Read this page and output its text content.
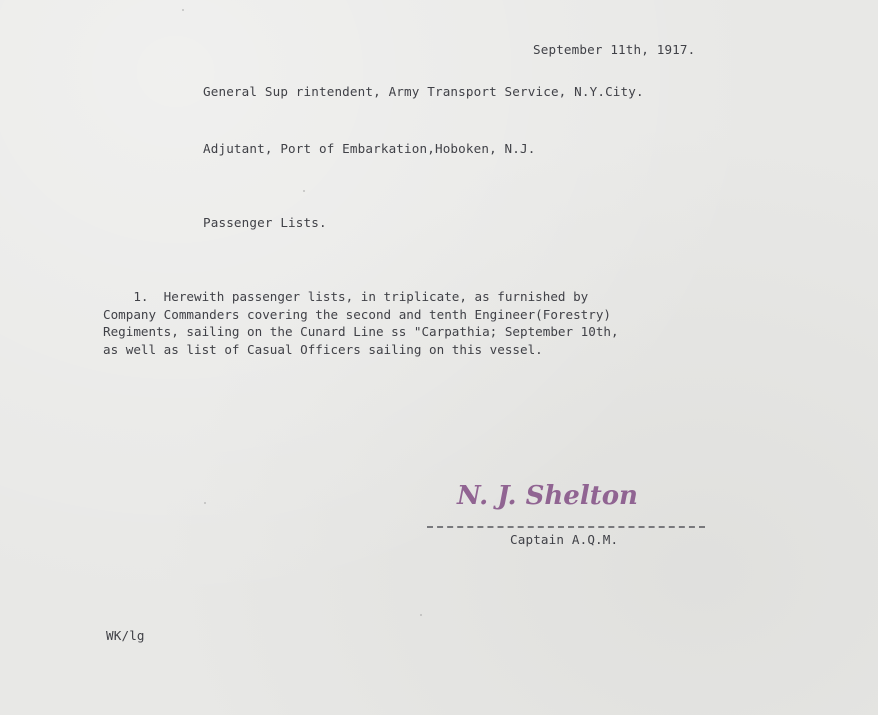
September 11th, 1917.
General Sup rintendent, Army Transport Service, N.Y.City.
Adjutant, Port of Embarkation,Hoboken, N.J.
Passenger Lists.
1.  Herewith passenger lists, in triplicate, as furnished by
Company Commanders covering the second and tenth Engineer(Forestry)
Regiments, sailing on the Cunard Line ss "Carpathia; September 10th,
as well as list of Casual Officers sailing on this vessel.
N. J. Shelton
Captain A.Q.M.
WK/lg
